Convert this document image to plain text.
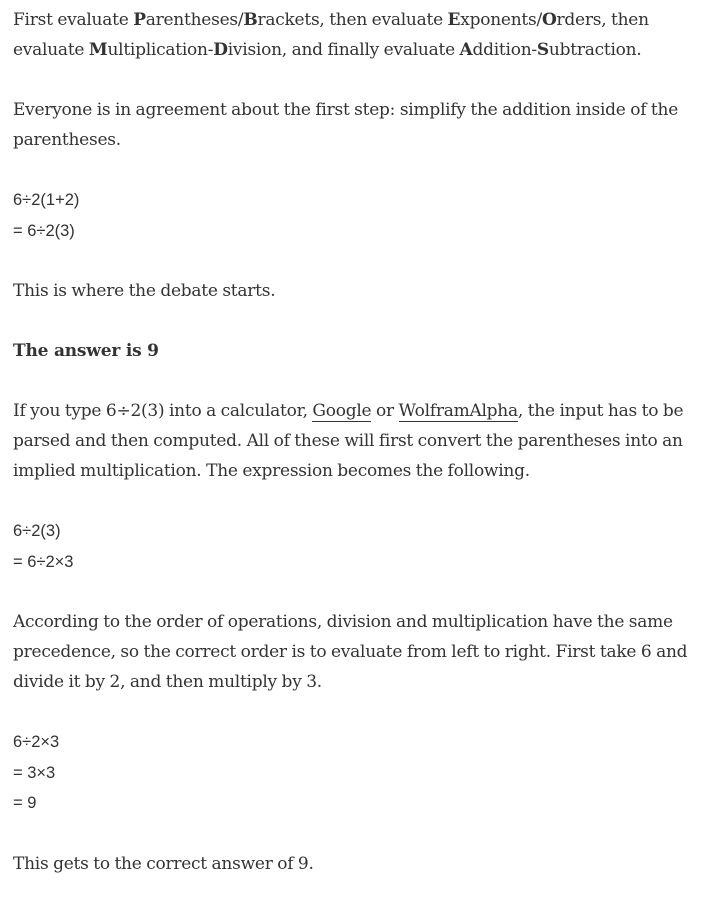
First evaluate Parentheses/Brackets, then evaluate Exponents/Orders, then evaluate Multiplication-Division, and finally evaluate Addition-Subtraction.

Everyone is in agreement about the first step: simplify the addition inside of the parentheses.

6÷2(1+2)
= 6÷2(3)

This is where the debate starts.

The answer is 9

If you type 6÷2(3) into a calculator, Google or WolframAlpha, the input has to be parsed and then computed. All of these will first convert the parentheses into an implied multiplication. The expression becomes the following.

6÷2(3)
= 6÷2×3

According to the order of operations, division and multiplication have the same precedence, so the correct order is to evaluate from left to right. First take 6 and divide it by 2, and then multiply by 3.

6÷2×3
= 3×3
= 9

This gets to the correct answer of 9.
